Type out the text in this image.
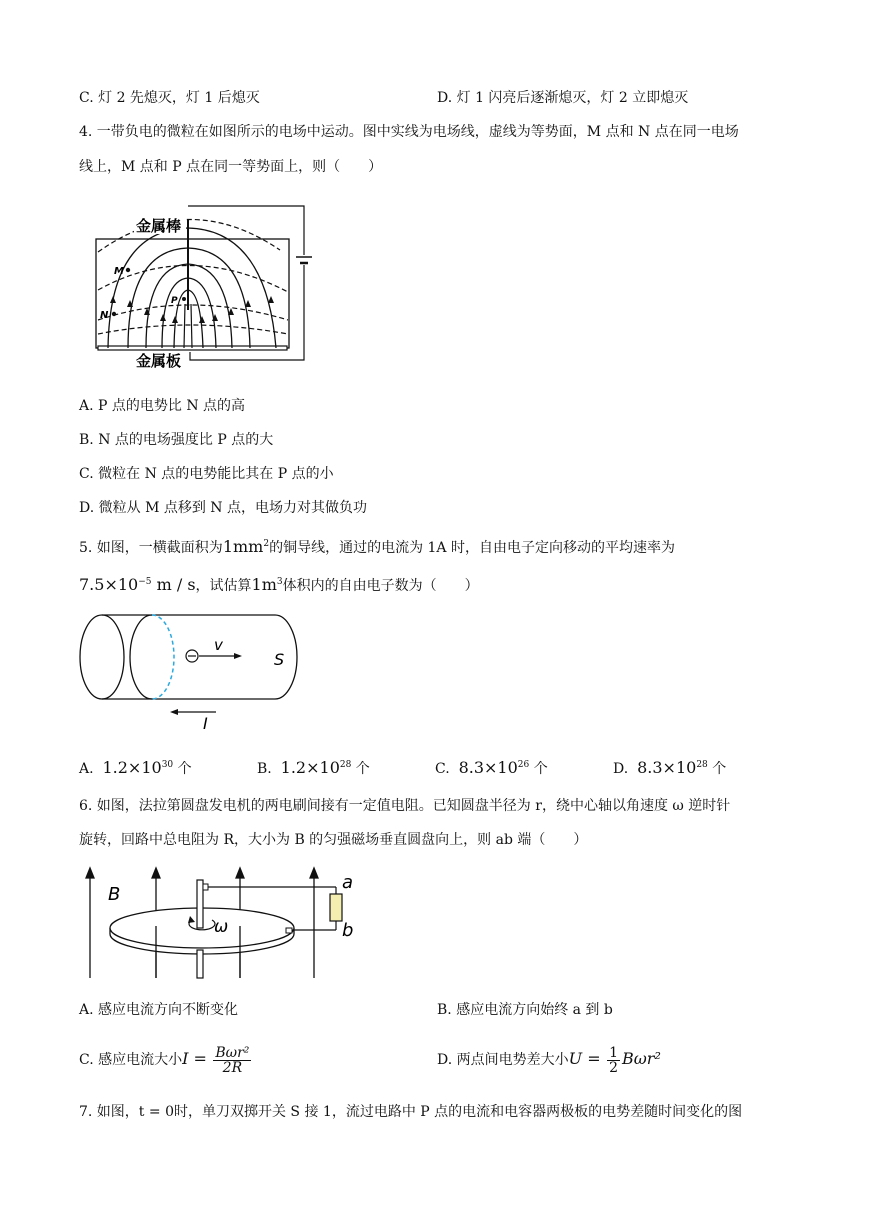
C. 灯 2 先熄灭，灯 1 后熄灭	D. 灯 1 闪亮后逐渐熄灭，灯 2 立即熄灭
4. 一带负电的微粒在如图所示的电场中运动。图中实线为电场线，虚线为等势面，M 点和 N 点在同一电场
线上，M 点和 P 点在同一等势面上，则（　　）
M
N
P
金属棒
金属板
A. P 点的电势比 N 点的高
B. N 点的电场强度比 P 点的大
C. 微粒在 N 点的电势能比其在 P 点的小
D. 微粒从 M 点移到 N 点，电场力对其做负功
5. 如图，一横截面积为$1mm^2$的铜导线，通过的电流为 1A 时，自由电子定向移动的平均速率为
$7.5\times 10^{-5}$ m / s，试估算$1m^3$体积内的自由电子数为（　　）
v
S
I
A. $1.2\times 10^{30}$ 个	B. $1.2\times 10^{28}$ 个	C. $8.3\times 10^{26}$ 个	D. $8.3\times 10^{28}$ 个
6. 如图，法拉第圆盘发电机的两电刷间接有一定值电阻。已知圆盘半径为 r，绕中心轴以角速度 ω 逆时针
旋转，回路中总电阻为 R，大小为 B 的匀强磁场垂直圆盘向上，则 ab 端（　　）
ω
B
a
b
A. 感应电流方向不断变化	B. 感应电流方向始终 a 到 b
C. 感应电流大小$I = \frac{\text{Bωr²}}{2R}$	D. 两点间电势差大小$U = \frac{1}{2} B\omega r^2$
7. 如图，t = 0时，单刀双掷开关 S 接 1，流过电路中 P 点的电流和电容器两极板的电势差随时间变化的图
